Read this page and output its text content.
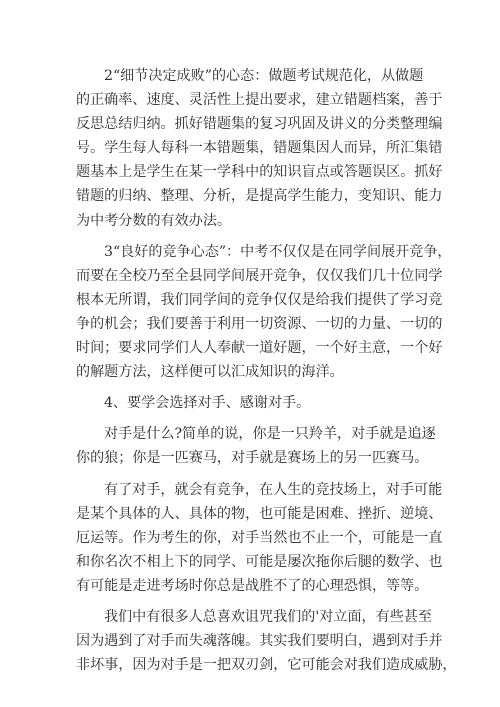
2“细节决定成败”的心态：做题考试规范化，从做题
的正确率、速度、灵活性上提出要求，建立错题档案，善于
反思总结归纳。抓好错题集的复习巩固及讲义的分类整理编
号。学生每人每科一本错题集，错题集因人而异，所汇集错
题基本上是学生在某一学科中的知识盲点或答题误区。抓好
错题的归纳、整理、分析，是提高学生能力，变知识、能力
为中考分数的有效办法。

3“良好的竞争心态”：中考不仅仅是在同学间展开竞争，
而要在全校乃至全县同学间展开竞争，仅仅我们几十位同学
根本无所谓，我们同学间的竞争仅仅是给我们提供了学习竞
争的机会；我们要善于利用一切资源、一切的力量、一切的
时间；要求同学们人人奉献一道好题，一个好主意，一个好
的解题方法，这样便可以汇成知识的海洋。

4、要学会选择对手、感谢对手。

对手是什么?简单的说，你是一只羚羊，对手就是追逐
你的狼；你是一匹赛马，对手就是赛场上的另一匹赛马。

有了对手，就会有竞争，在人生的竞技场上，对手可能
是某个具体的人、具体的物，也可能是困难、挫折、逆境、
厄运等。作为考生的你，对手当然也不止一个，可能是一直
和你名次不相上下的同学、可能是屡次拖你后腿的数学、也
有可能是走进考场时你总是战胜不了的心理恐惧，等等。

我们中有很多人总喜欢诅咒我们的'对立面，有些甚至
因为遇到了对手而失魂落魄。其实我们要明白，遇到对手并
非坏事，因为对手是一把双刃剑，它可能会对我们造成威胁，
